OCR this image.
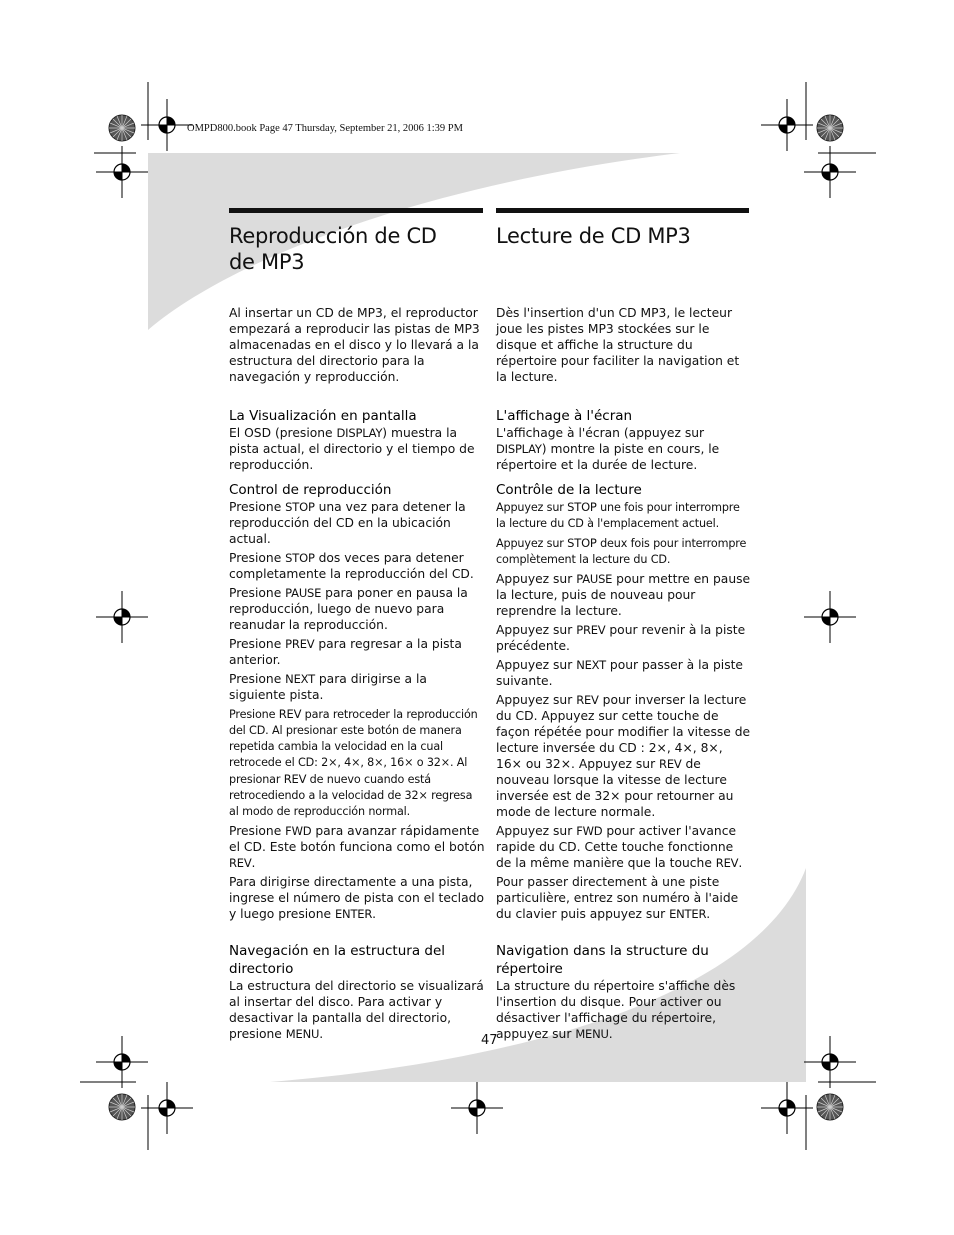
OMPD800.book Page 47 Thursday, September 21, 2006 1:39 PM
Reproducción de CD
de MP3

Al insertar un CD de MP3, el reproductor empezará a reproducir las pistas de MP3 almacenadas en el disco y lo llevará a la estructura del directorio para la navegación y reproducción.

La Visualización en pantalla

El OSD (presione DISPLAY) muestra la pista actual, el directorio y el tiempo de reproducción.

Control de reproducción

Presione STOP una vez para detener la reproducción del CD en la ubicación actual.

Presione STOP dos veces para detener completamente la reproducción del CD.

Presione PAUSE para poner en pausa la reproducción, luego de nuevo para reanudar la reproducción.

Presione PREV para regresar a la pista anterior.

Presione NEXT para dirigirse a la siguiente pista.

Presione REV para retroceder la reproducción del CD. Al presionar este botón de manera repetida cambia la velocidad en la cual retrocede el CD: 2×, 4×, 8×, 16× o 32×. Al presionar REV de nuevo cuando está retrocediendo a la velocidad de 32× regresa al modo de reproducción normal.

Presione FWD para avanzar rápidamente el CD. Este botón funciona como el botón REV.

Para dirigirse directamente a una pista, ingrese el número de pista con el teclado y luego presione ENTER.

Navegación en la estructura del directorio

La estructura del directorio se visualizará al insertar del disco. Para activar y desactivar la pantalla del directorio, presione MENU.

Lecture de CD MP3

Dès l'insertion d'un CD MP3, le lecteur joue les pistes MP3 stockées sur le disque et affiche la structure du répertoire pour faciliter la navigation et la lecture.

L'affichage à l'écran

L'affichage à l'écran (appuyez sur DISPLAY) montre la piste en cours, le répertoire et la durée de lecture.

Contrôle de la lecture

Appuyez sur STOP une fois pour interrompre la lecture du CD à l'emplacement actuel.

Appuyez sur STOP deux fois pour interrompre complètement la lecture du CD.

Appuyez sur PAUSE pour mettre en pause la lecture, puis de nouveau pour reprendre la lecture.

Appuyez sur PREV pour revenir à la piste précédente.

Appuyez sur NEXT pour passer à la piste suivante.

Appuyez sur REV pour inverser la lecture du CD. Appuyez sur cette touche de façon répétée pour modifier la vitesse de lecture inversée du CD : 2×, 4×, 8×, 16× ou 32×. Appuyez sur REV de nouveau lorsque la vitesse de lecture inversée est de 32× pour retourner au mode de lecture normale.

Appuyez sur FWD pour activer l'avance rapide du CD. Cette touche fonctionne de la même manière que la touche REV.

Pour passer directement à une piste particulière, entrez son numéro à l'aide du clavier puis appuyez sur ENTER.

Navigation dans la structure du répertoire

La structure du répertoire s'affiche dès l'insertion du disque. Pour activer ou désactiver l'affichage du répertoire, appuyez sur MENU.

47
